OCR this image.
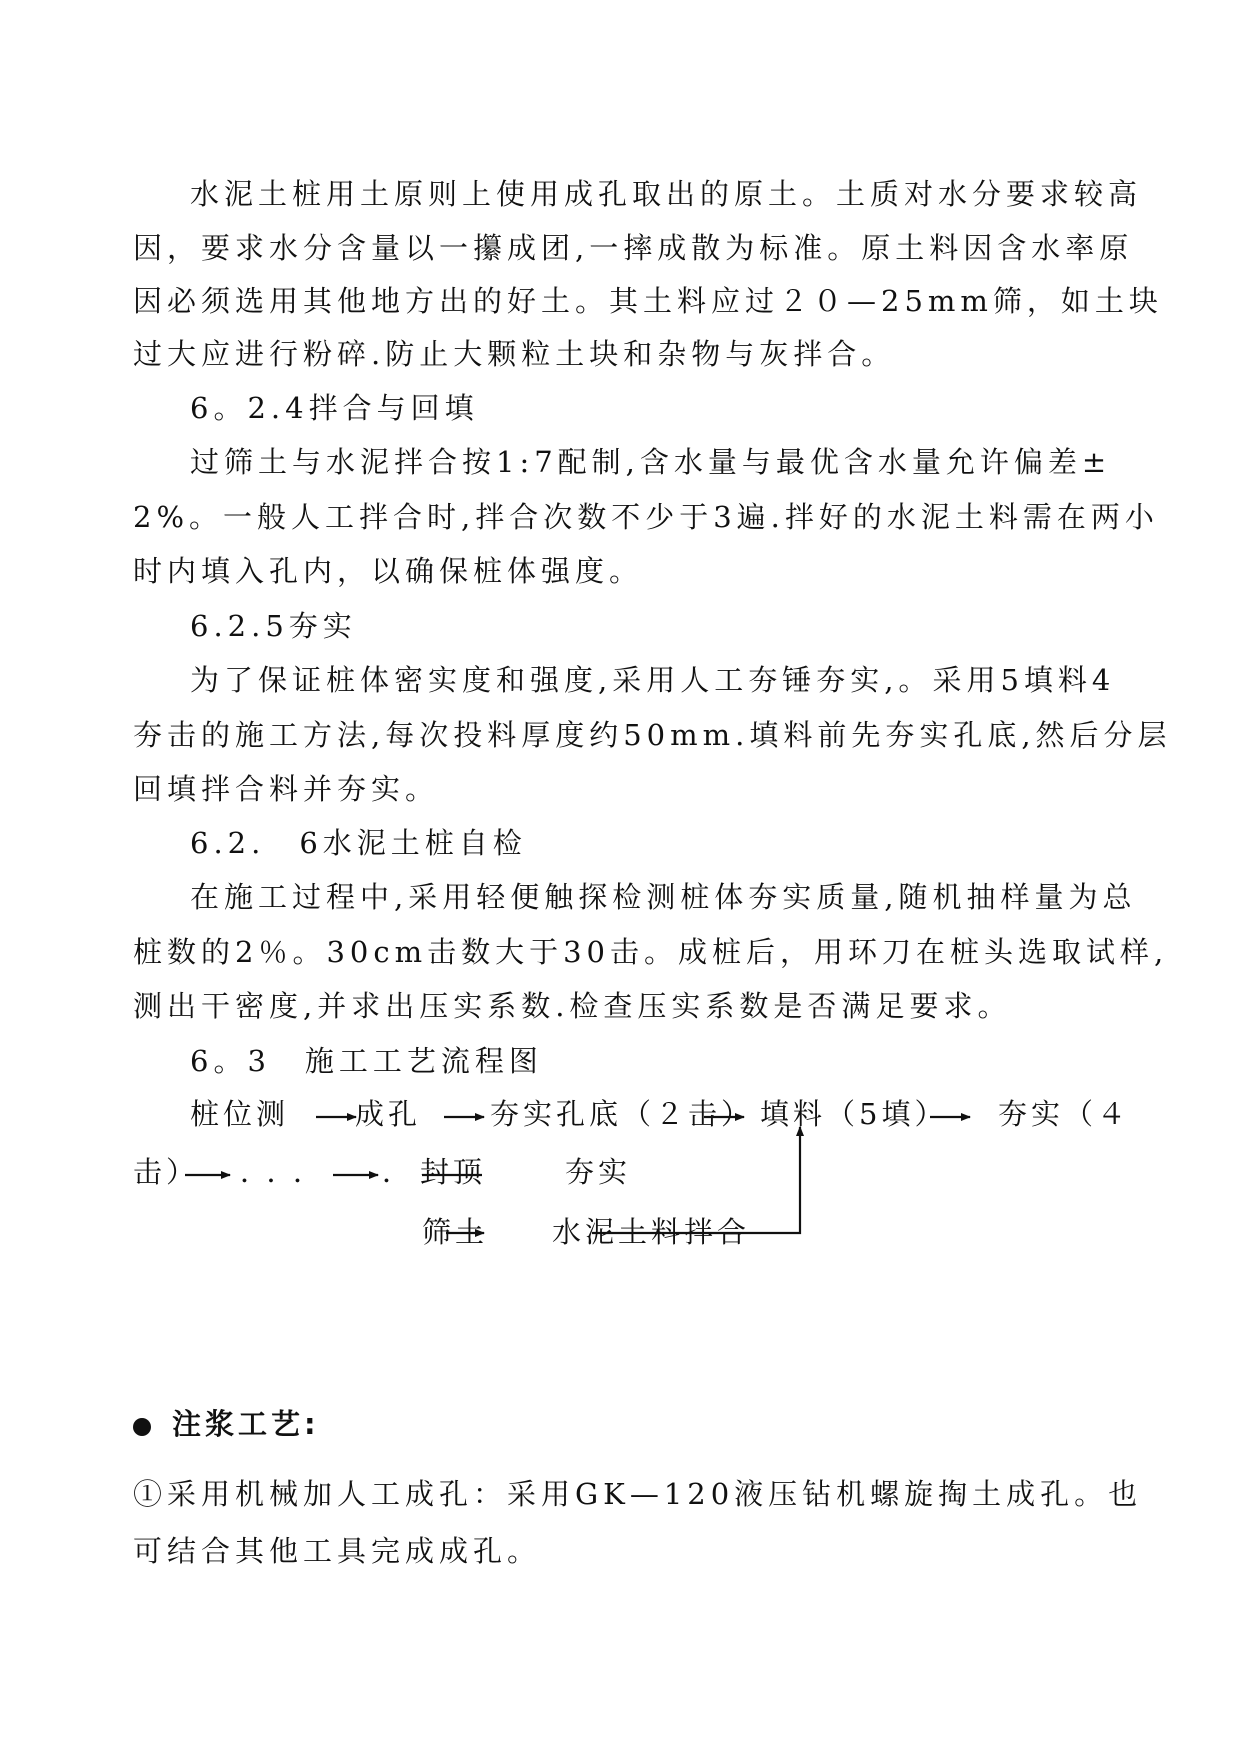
水泥土桩用土原则上使用成孔取出的原土。土质对水分要求较高
因，要求水分含量以一攥成团,一摔成散为标准。原土料因含水率原
因必须选用其他地方出的好土。其土料应过２０—25mm筛，如土块
过大应进行粉碎.防止大颗粒土块和杂物与灰拌合。
6。2.4拌合与回填
过筛土与水泥拌合按1:7配制,含水量与最优含水量允许偏差±
2%。一般人工拌合时,拌合次数不少于3遍.拌好的水泥土料需在两小
时内填入孔内，以确保桩体强度。
6.2.5夯实
为了保证桩体密实度和强度,采用人工夯锤夯实,。采用5填料4
夯击的施工方法,每次投料厚度约50mm.填料前先夯实孔底,然后分层
回填拌合料并夯实。
6.2.　6水泥土桩自检
在施工过程中,采用轻便触探检测桩体夯实质量,随机抽样量为总
桩数的2％。30cm击数大于30击。成桩后，用环刀在桩头选取试样,
测出干密度,并求出压实系数.检查压实系数是否满足要求。
6。3　施工工艺流程图
桩位测 成孔 夯实孔底（２击） 填料（5填） 夯实（４
击） ．．． ． 封顶	夯实
筛土 水泥土料拌合
注浆工艺:
①采用机械加人工成孔：采用GK—120液压钻机螺旋掏土成孔。也
可结合其他工具完成成孔。
